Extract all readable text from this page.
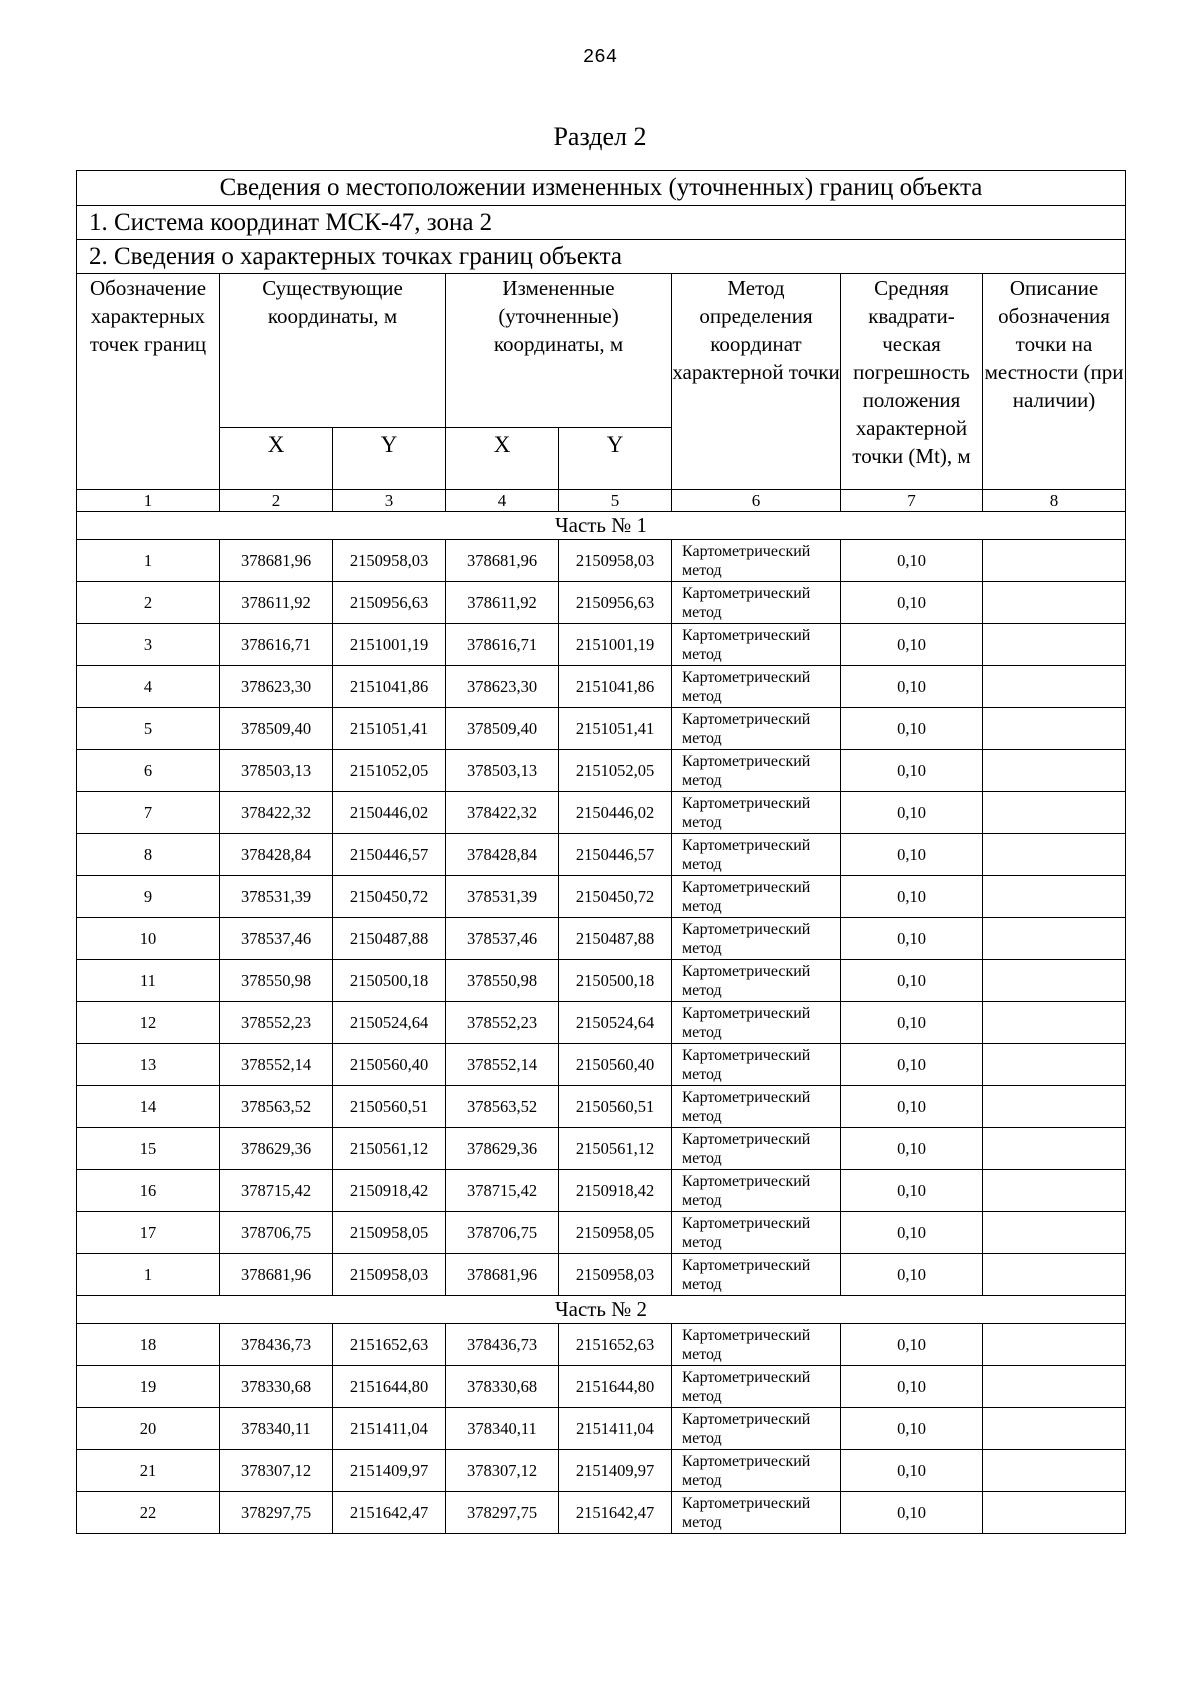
264
Раздел 2
Сведения о местоположении измененных (уточненных) границ объекта							
1. Система координат МСК-47, зона 2							
2. Сведения о характерных точках границ объекта							
Обозначение характерных точек границ	Существующие координаты, м		Измененные (уточненные) координаты, м		Метод определения координат характерной точки	Средняя квадрати-ческая погрешность положения характерной точки (Mt), м	Описание обозначения точки на местности (при наличии)
	X	Y	X	Y			
1	2	3	4	5	6	7	8
Часть № 1							
1	378681,96	2150958,03	378681,96	2150958,03	Картометрический метод	0,10	
2	378611,92	2150956,63	378611,92	2150956,63	Картометрический метод	0,10	
3	378616,71	2151001,19	378616,71	2151001,19	Картометрический метод	0,10	
4	378623,30	2151041,86	378623,30	2151041,86	Картометрический метод	0,10	
5	378509,40	2151051,41	378509,40	2151051,41	Картометрический метод	0,10	
6	378503,13	2151052,05	378503,13	2151052,05	Картометрический метод	0,10	
7	378422,32	2150446,02	378422,32	2150446,02	Картометрический метод	0,10	
8	378428,84	2150446,57	378428,84	2150446,57	Картометрический метод	0,10	
9	378531,39	2150450,72	378531,39	2150450,72	Картометрический метод	0,10	
10	378537,46	2150487,88	378537,46	2150487,88	Картометрический метод	0,10	
11	378550,98	2150500,18	378550,98	2150500,18	Картометрический метод	0,10	
12	378552,23	2150524,64	378552,23	2150524,64	Картометрический метод	0,10	
13	378552,14	2150560,40	378552,14	2150560,40	Картометрический метод	0,10	
14	378563,52	2150560,51	378563,52	2150560,51	Картометрический метод	0,10	
15	378629,36	2150561,12	378629,36	2150561,12	Картометрический метод	0,10	
16	378715,42	2150918,42	378715,42	2150918,42	Картометрический метод	0,10	
17	378706,75	2150958,05	378706,75	2150958,05	Картометрический метод	0,10	
1	378681,96	2150958,03	378681,96	2150958,03	Картометрический метод	0,10	
Часть № 2							
18	378436,73	2151652,63	378436,73	2151652,63	Картометрический метод	0,10	
19	378330,68	2151644,80	378330,68	2151644,80	Картометрический метод	0,10	
20	378340,11	2151411,04	378340,11	2151411,04	Картометрический метод	0,10	
21	378307,12	2151409,97	378307,12	2151409,97	Картометрический метод	0,10	
22	378297,75	2151642,47	378297,75	2151642,47	Картометрический метод	0,10	
